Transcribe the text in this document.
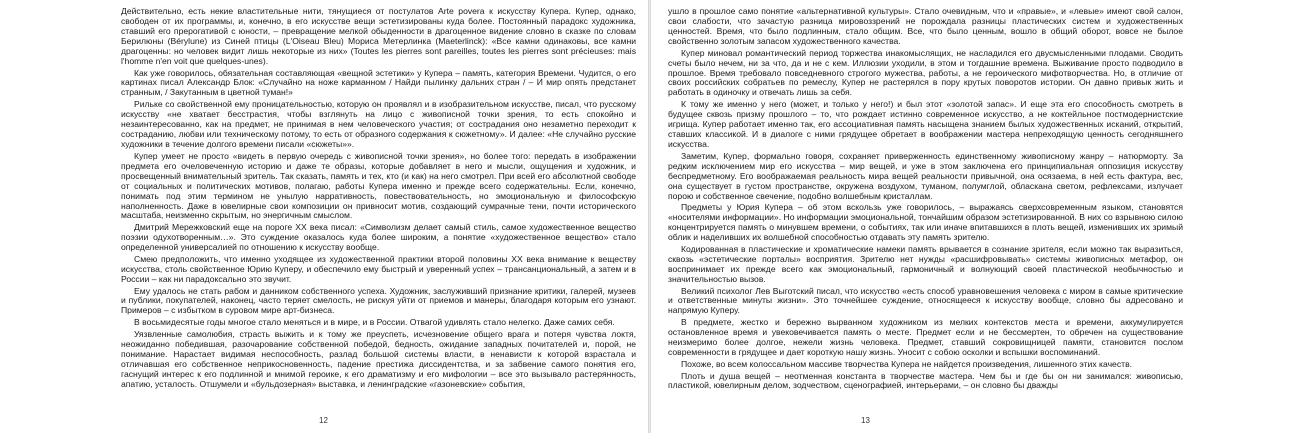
Действительно, есть некие властительные нити, тянущиеся от постулатов Arte povera к искусству Купера. Купер, однако, свободен от их программы, и, конечно, в его искусстве вещи эстетизированы куда более. Постоянный парадокс художника, ставший его прерогативой с юности, – превращение мелкой обыденности в драгоценное видение словно в сказке по словам Берилюны (Bérylune) из Синей птицы (L'Oiseau Bleu) Мориса Метерлинка (Maeterlinck): «Все камни одинаковы, все камни драгоценны: но человек видит лишь некоторые из них» (Toutes les pierres sont pareilles, toutes les pierres sont précieuses: mais l'homme n'en voit que quelques-unes).

Как уже говорилось, обязательная составляющая «вещной эстетики» у Купера – память, категория Времени. Чудится, о его картинах писал Александр Блок: «Случайно на ноже карманном / Найди пылинку дальних стран / – И мир опять предстанет странным, / Закутанным в цветной туман!»

Рильке со свойственной ему проницательностью, которую он проявлял и в изобразительном искусстве, писал, что русскому искусству «не хватает бесстрастия, чтобы взглянуть на лицо с живописной точки зрения, то есть спокойно и незаинтересованно, как на предмет, не принимая в нем человеческого участия; от сострадания оно незаметно переходит к состраданию, любви или техническому потому, то есть от образного содержания к сюжетному». И далее: «Не случайно русские художники в течение долгого времени писали «сюжеты»».

Купер умеет не просто «видеть в первую очередь с живописной точки зрения», но более того: передать в изображении предмета его очеловеченную историю и даже те образы, которые добавляет в него и мысли, ощущения и художник, и просвещенный внимательный зритель. Так сказать, память и тех, кто (и как) на него смотрел. При всей его абсолютной свободе от социальных и политических мотивов, полагаю, работы Купера именно и прежде всего содержательны. Если, конечно, понимать под этим термином не унылую нарративность, повествовательность, но эмоциональную и философскую наполненность. Даже в ювелирные свои композиции он привносит мотив, создающий сумрачные тени, почти исторического масштаба, неизменно скрытым, но энергичным смыслом.

Дмитрий Мережковский еще на пороге ХХ века писал: «Символизм делает самый стиль, самое художественное вещество поэзии одухотворенным…». Это суждение оказалось куда более широким, а понятие «художественное вещество» стало определенной универсалией по отношению к искусству вообще.

Смею предположить, что именно уходящее из художественной практики второй половины ХХ века внимание к веществу искусства, столь свойственное Юрию Куперу, и обеспечило ему быстрый и уверенный успех – трансанциональный, а затем и в России – как ни парадоксально это звучит.

Ему удалось не стать рабом и данником собственного успеха. Художник, заслуживший признание критики, галерей, музеев и публики, покупателей, наконец, часто теряет смелость, не рискуя уйти от приемов и манеры, благодаря которым его узнают. Примеров – с избытком в суровом мире арт-бизнеса.

В восьмидесятые годы многое стало меняться и в мире, и в России. Отвагой удивлять стало нелегко. Даже самих себя.

Уязвленные самолюбия, страсть выжить и к тому же преуспеть, исчезновение общего врага и потеря чувства локтя, неожиданно победившая, разочарование собственной победой, бедность, ожидание западных почитателей и, порой, не понимание. Нарастает видимая неспособность, разлад большой системы власти, в ненависти к которой взрастала и отличавшая его собственное неприкосновенность, падение престижа диссидентства, и за забвение самого понятия его, гаснущий интерес к его подлинной и мнимой героике, к его драматизму и его мифологии – все это вызывало растерянность, апатию, усталость. Отшумели и «бульдозерная» выставка, и ленинградские «газоневские» события,

12

ушло в прошлое само понятие «альтернативной культуры». Стало очевидным, что и «правые», и «левые» имеют свой салон, свои слабости, что зачастую разница мировоззрений не порождала разницы пластических систем и художественных ценностей. Время, что было подлинным, стало общим. Все, что было ценным, вошло в общий оборот, вовсе не былое свойственно золотым запасом художественного качества.

Купер миновал романтический период торжества инакомыслящих, не насладился его двусмысленными плодами. Сводить счеты было нечем, ни за что, да и не с кем. Иллюзии уходили, в этом и тогдашние времена. Выживание просто подводило в прошлое. Время требовало повседневного строгого мужества, работы, а не героического мифотворчества. Но, в отличие от своих российских собратьев по ремеслу, Купер не растерялся в пору крутых поворотов истории. Он давно привык жить и работать в одиночку и отвечать лишь за себя.

К тому же именно у него (может, и только у него!) и был этот «золотой запас». И еще эта его способность смотреть в будущее сквозь призму прошлого – то, что рождает истинно современное искусство, а не коктейльное постмодернистские игрища. Купер работает именно так, его ассоциативная память насыщена знанием былых художественных исканий, открытий, ставших классикой. И в диалоге с ними грядущее обретает в воображении мастера непреходящую ценность сегодняшнего искусства.

Заметим, Купер, формально говоря, сохраняет приверженность единственному живописному жанру – натюрморту. За редким исключением мир его искусства – мир вещей, и уже в этом заключена его принципиальная оппозиция искусству беспредметному. Его воображаемая реальность мира вещей реальности привычной, она осязаема, в ней есть фактура, вес, она существует в густом пространстве, окружена воздухом, туманом, полумглой, обласкана светом, рефлексами, излучает порою и собственное свечение, подобно волшебным кристаллам.

Предметы у Юрия Купера – об этом вскользь уже говорилось, – выражаясь сверхсовременным языком, становятся «носителями информации». Но информации эмоциональной, тончайшим образом эстетизированной. В них со взрывною силою концентрируется память о минувшем времени, о событиях, так или иначе впитавшихся в плоть вещей, изменивших их зримый облик и наделивших их волшебной способностью отдавать эту память зрителю.

Кодированная в пластические и хроматические намеки память врывается в сознание зрителя, если можно так выразиться, сквозь «эстетические порталы» восприятия. Зрителю нет нужды «расшифровывать» системы живописных метафор, он воспринимает их прежде всего как эмоциональный, гармоничный и волнующий своей пластической необычностью и значительностью вызов.

Великий психолог Лев Выготский писал, что искусство «есть способ уравновешения человека с миром в самые критические и ответственные минуты жизни». Это точнейшее суждение, относящееся к искусству вообще, словно бы адресовано и напрямую Куперу.

В предмете, жестко и бережно вырванном художником из мелких контекстов места и времени, аккумулируется остановленное время и увековечивается память о месте. Предмет если и не бессмертен, то обречен на существование неизмеримо более долгое, нежели жизнь человека. Предмет, ставший сокровищницей памяти, становится послом современности в грядущее и дает короткую нашу жизнь. Уносит с собою осколки и вспышки воспоминаний.

Похоже, во всем колоссальном массиве творчества Купера не найдется произведения, лишенного этих качеств.

Плоть и душа вещей – неотменная константа в творчестве мастера. Чем бы и где бы он ни занимался: живописью, пластикой, ювелирным делом, зодчеством, сценографией, интерьерами, – он словно бы дважды

13
